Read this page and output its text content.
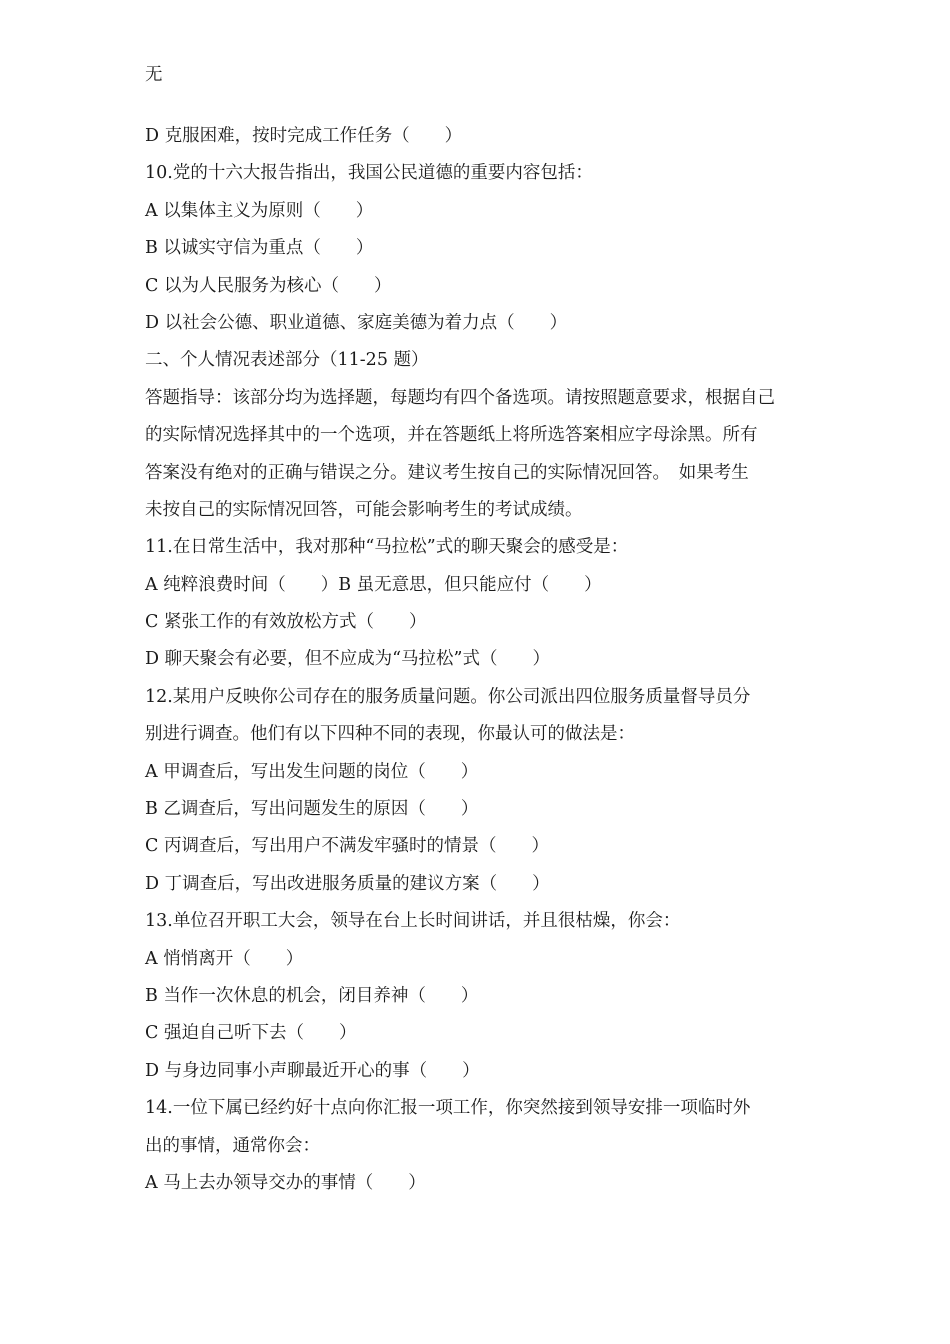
无
D 克服困难，按时完成工作任务（　　）
10.党的十六大报告指出，我国公民道德的重要内容包括：
A 以集体主义为原则（　　）
B 以诚实守信为重点（　　）
C 以为人民服务为核心（　　）
D 以社会公德、职业道德、家庭美德为着力点（　　）
二、个人情况表述部分（11-25 题）
答题指导：该部分均为选择题，每题均有四个备选项。请按照题意要求，根据自己
的实际情况选择其中的一个选项，并在答题纸上将所选答案相应字母涂黑。所有
答案没有绝对的正确与错误之分。建议考生按自己的实际情况回答。　如果考生
未按自己的实际情况回答，可能会影响考生的考试成绩。
11.在日常生活中，我对那种“马拉松”式的聊天聚会的感受是：
A 纯粹浪费时间（　　）B 虽无意思，但只能应付（　　）
C 紧张工作的有效放松方式（　　）
D 聊天聚会有必要，但不应成为“马拉松”式（　　）
12.某用户反映你公司存在的服务质量问题。你公司派出四位服务质量督导员分
别进行调查。他们有以下四种不同的表现，你最认可的做法是：
A 甲调查后，写出发生问题的岗位（　　）
B 乙调查后，写出问题发生的原因（　　）
C 丙调查后，写出用户不满发牢骚时的情景（　　）
D 丁调查后，写出改进服务质量的建议方案（　　）
13.单位召开职工大会，领导在台上长时间讲话，并且很枯燥，你会：
A 悄悄离开（　　）
B 当作一次休息的机会，闭目养神（　　）
C 强迫自己听下去（　　）
D 与身边同事小声聊最近开心的事（　　）
14.一位下属已经约好十点向你汇报一项工作，你突然接到领导安排一项临时外
出的事情，通常你会：
A 马上去办领导交办的事情（　　）
